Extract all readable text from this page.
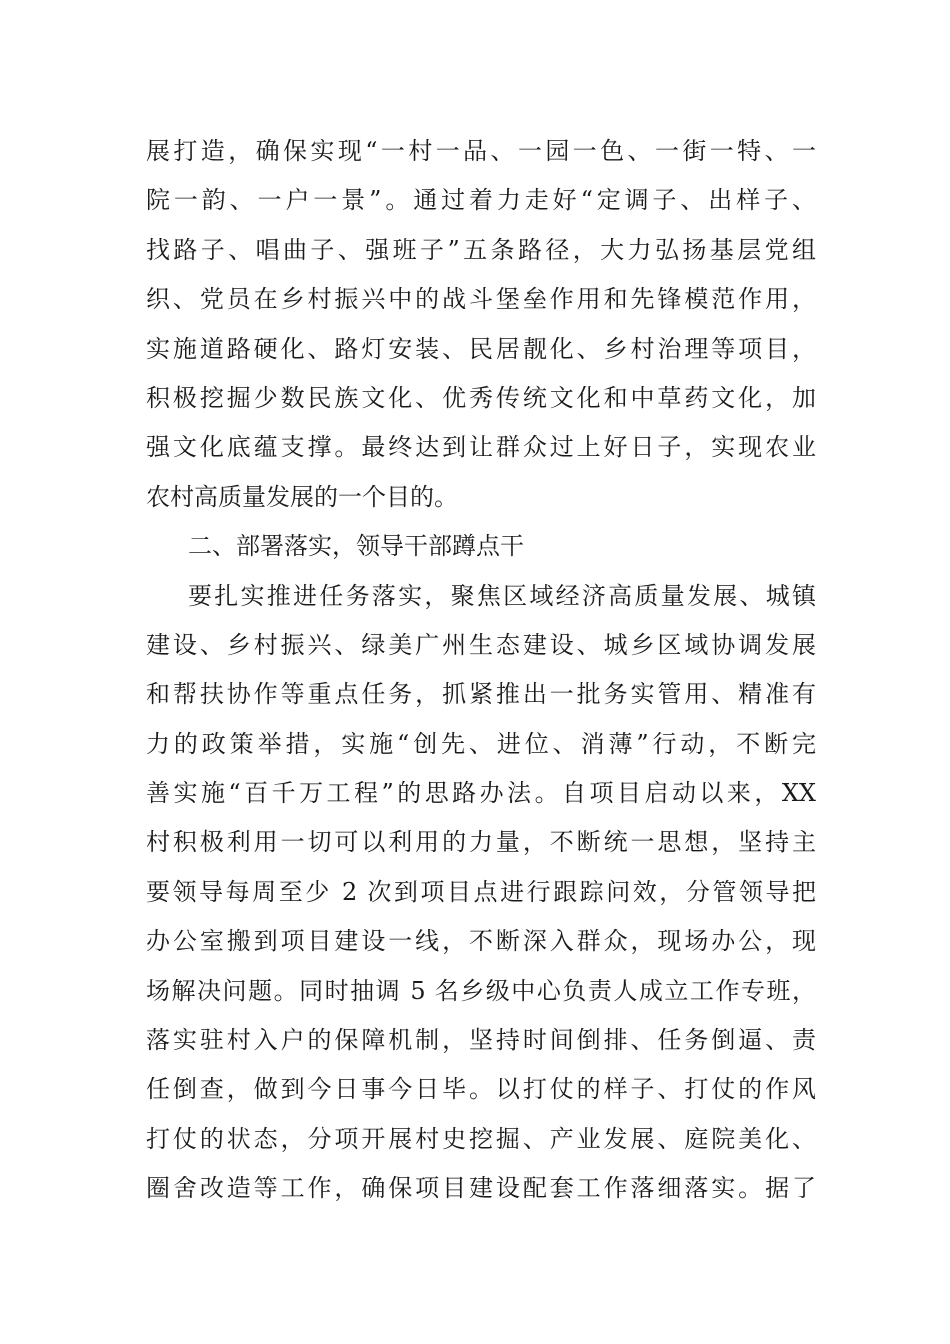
展打造，确保实现“一村一品、一园一色、一街一特、一
院一韵、一户一景”。通过着力走好“定调子、出样子、
找路子、唱曲子、强班子”五条路径，大力弘扬基层党组
织、党员在乡村振兴中的战斗堡垒作用和先锋模范作用，
实施道路硬化、路灯安装、民居靓化、乡村治理等项目，
积极挖掘少数民族文化、优秀传统文化和中草药文化，加
强文化底蕴支撑。最终达到让群众过上好日子，实现农业
农村高质量发展的一个目的。
二、部署落实，领导干部蹲点干
要扎实推进任务落实，聚焦区域经济高质量发展、城镇
建设、乡村振兴、绿美广州生态建设、城乡区域协调发展
和帮扶协作等重点任务，抓紧推出一批务实管用、精准有
力的政策举措，实施“创先、进位、消薄”行动，不断完
善实施“百千万工程”的思路办法。自项目启动以来，XX
村积极利用一切可以利用的力量，不断统一思想，坚持主
要领导每周至少 2 次到项目点进行跟踪问效，分管领导把
办公室搬到项目建设一线，不断深入群众，现场办公，现
场解决问题。同时抽调 5 名乡级中心负责人成立工作专班，
落实驻村入户的保障机制，坚持时间倒排、任务倒逼、责
任倒查，做到今日事今日毕。以打仗的样子、打仗的作风
打仗的状态，分项开展村史挖掘、产业发展、庭院美化、
圈舍改造等工作，确保项目建设配套工作落细落实。据了
